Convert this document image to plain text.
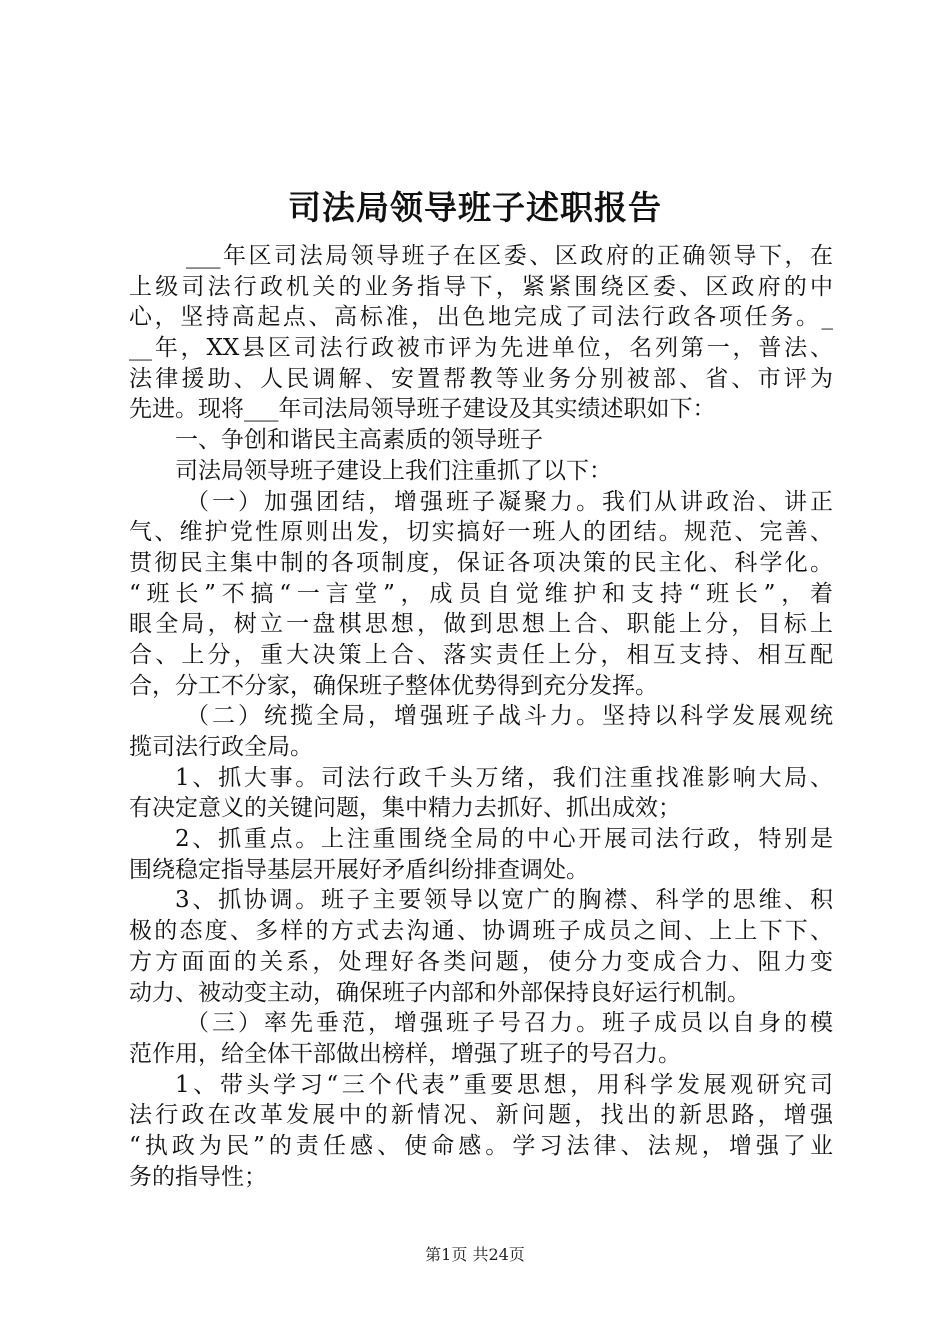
司法局领导班子述职报告
___年区司法局领导班子在区委、区政府的正确领导下，在
上级司法行政机关的业务指导下，紧紧围绕区委、区政府的中
心，坚持高起点、高标准，出色地完成了司法行政各项任务。_
__年，XX县区司法行政被市评为先进单位，名列第一，普法、
法律援助、人民调解、安置帮教等业务分别被部、省、市评为
先进。现将___年司法局领导班子建设及其实绩述职如下：
一、争创和谐民主高素质的领导班子
司法局领导班子建设上我们注重抓了以下：
（一）加强团结，增强班子凝聚力。我们从讲政治、讲正
气、维护党性原则出发，切实搞好一班人的团结。规范、完善、
贯彻民主集中制的各项制度，保证各项决策的民主化、科学化。
“班长”不搞“一言堂”，成员自觉维护和支持“班长”，着
眼全局，树立一盘棋思想，做到思想上合、职能上分，目标上
合、上分，重大决策上合、落实责任上分，相互支持、相互配
合，分工不分家，确保班子整体优势得到充分发挥。
（二）统揽全局，增强班子战斗力。坚持以科学发展观统
揽司法行政全局。
1、抓大事。司法行政千头万绪，我们注重找准影响大局、
有决定意义的关键问题，集中精力去抓好、抓出成效；
2、抓重点。上注重围绕全局的中心开展司法行政，特别是
围绕稳定指导基层开展好矛盾纠纷排查调处。
3、抓协调。班子主要领导以宽广的胸襟、科学的思维、积
极的态度、多样的方式去沟通、协调班子成员之间、上上下下、
方方面面的关系，处理好各类问题，使分力变成合力、阻力变
动力、被动变主动，确保班子内部和外部保持良好运行机制。
（三）率先垂范，增强班子号召力。班子成员以自身的模
范作用，给全体干部做出榜样，增强了班子的号召力。
1、带头学习“三个代表”重要思想，用科学发展观研究司
法行政在改革发展中的新情况、新问题，找出的新思路，增强
“执政为民”的责任感、使命感。学习法律、法规，增强了业
务的指导性；
第1页 共24页
